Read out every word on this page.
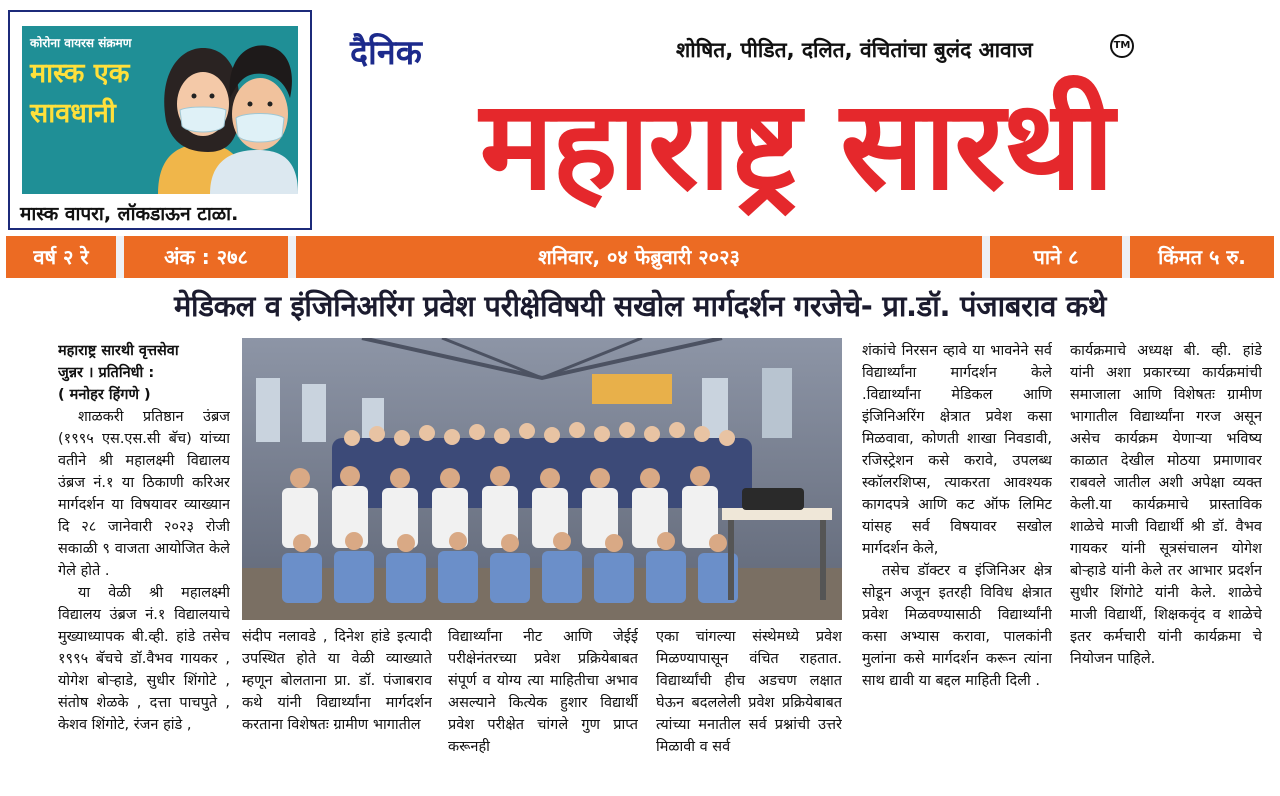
कोरोना वायरस संक्रमण
मास्क एक
सावधानी
मास्क वापरा, लॉकडाऊन टाळा.
दैनिक	शोषित, पीडित, दलित, वंचितांचा बुलंद आवाज	TM
महाराष्ट्र सारथी
वर्ष २ रे	अंक : २७८	शनिवार, ०४ फेब्रुवारी २०२३	पाने ८	किंमत ५ रु.
मेडिकल व इंजिनिअरिंग प्रवेश परीक्षेविषयी सखोल मार्गदर्शन गरजेचे- प्रा.डॉ. पंजाबराव कथे

महाराष्ट्र सारथी वृत्तसेवा

जुन्नर । प्रतिनिधी :

( मनोहर हिंगणे )

शाळकरी प्रतिष्ठान उंब्रज (१९९५ एस.एस.सी बॅच) यांच्या वतीने श्री महालक्ष्मी विद्यालय उंब्रज नं.१ या ठिकाणी करिअर मार्गदर्शन या विषयावर व्याख्यान दि २८ जानेवारी २०२३ रोजी सकाळी ९ वाजता आयोजित केले गेले होते .

या वेळी श्री महालक्ष्मी विद्यालय उंब्रज नं.१ विद्यालयाचे मुख्याध्यापक बी.व्ही. हांडे तसेच १९९५ बॅचचे डॉ.वैभव गायकर , योगेश बोऱ्हाडे, सुधीर शिंगोटे , संतोष शेळके , दत्ता पाचपुते , केशव शिंगोटे, रंजन हांडे ,

संदीप नलावडे , दिनेश हांडे इत्यादी उपस्थित होते या वेळी व्याख्याते म्हणून बोलताना प्रा. डॉ. पंजाबराव कथे यांनी विद्यार्थ्यांना मार्गदर्शन करताना विशेषतः ग्रामीण भागातील

विद्यार्थ्यांना नीट आणि जेईई परीक्षेनंतरच्या प्रवेश प्रक्रियेबाबत संपूर्ण व योग्य त्या माहितीचा अभाव असल्याने कित्येक हुशार विद्यार्थी प्रवेश परीक्षेत चांगले गुण प्राप्त करूनही

एका चांगल्या संस्थेमध्ये प्रवेश मिळण्यापासून वंचित राहतात. विद्यार्थ्यांची हीच अडचण लक्षात घेऊन बदललेली प्रवेश प्रक्रियेबाबत त्यांच्या मनातील सर्व प्रश्नांची उत्तरे मिळावी व सर्व

शंकांचे निरसन व्हावे या भावनेने सर्व विद्यार्थ्यांना मार्गदर्शन केले .विद्यार्थ्यांना मेडिकल आणि इंजिनिअरिंग क्षेत्रात प्रवेश कसा मिळवावा, कोणती शाखा निवडावी, रजिस्ट्रेशन कसे करावे, उपलब्ध स्कॉलरशिप्स, त्याकरता आवश्यक कागदपत्रे आणि कट ऑफ लिमिट यांसह सर्व विषयावर सखोल मार्गदर्शन केले,

तसेच डॉक्टर व इंजिनिअर क्षेत्र सोडून अजून इतरही विविध क्षेत्रात प्रवेश मिळवण्यासाठी विद्यार्थ्यांनी कसा अभ्यास करावा, पालकांनी मुलांना कसे मार्गदर्शन करून त्यांना साथ द्यावी या बद्दल माहिती दिली .

कार्यक्रमाचे अध्यक्ष बी. व्ही. हांडे यांनी अशा प्रकारच्या कार्यक्रमांची समाजाला आणि विशेषतः ग्रामीण भागातील विद्यार्थ्यांना गरज असून असेच कार्यक्रम येणाऱ्या भविष्य काळात देखील मोठया प्रमाणावर राबवले जातील अशी अपेक्षा व्यक्त केली.या कार्यक्रमाचे प्रास्ताविक शाळेचे माजी विद्यार्थी श्री डॉ. वैभव गायकर यांनी सूत्रसंचालन योगेश बोऱ्हाडे यांनी केले तर आभार प्रदर्शन सुधीर शिंगोटे यांनी केले. शाळेचे माजी विद्यार्थी, शिक्षकवृंद व शाळेचे इतर कर्मचारी यांनी कार्यक्रमा चे नियोजन पाहिले.
